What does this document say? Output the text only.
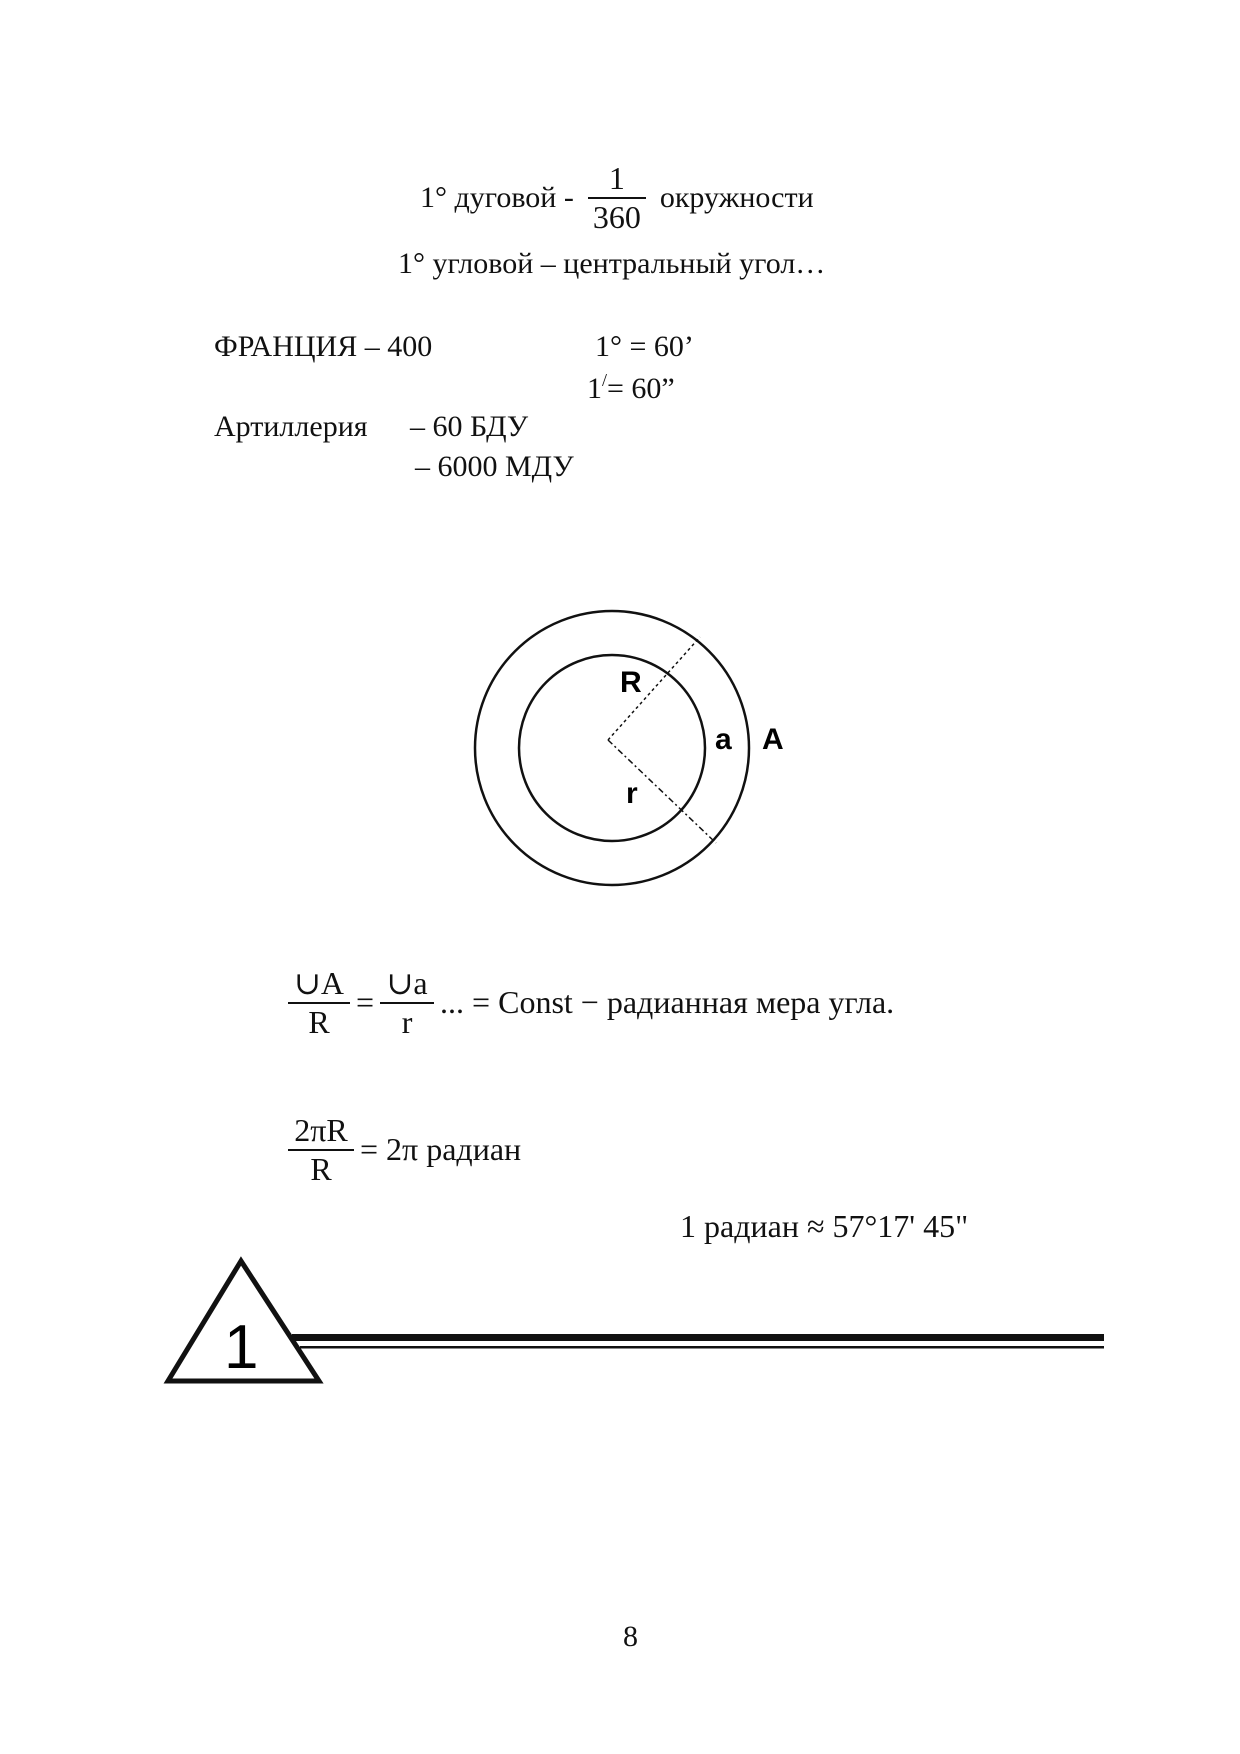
1° дуговой - $\frac{1}{360}$ окружности
1° угловой – центральный угол…
ФРАНЦИЯ – 400	1° = 60’
1/= 60”
Артиллерия – 60 БДУ
– 6000 МДУ
R
r
a A
$\frac{\cup A}{R} = \frac{\cup a}{r}$ ... = Const − радианная мера угла.
$\frac{2\pi R}{R} = 2\pi$ радиан
1 радиан ≈ 57°17' 45"
1
8
